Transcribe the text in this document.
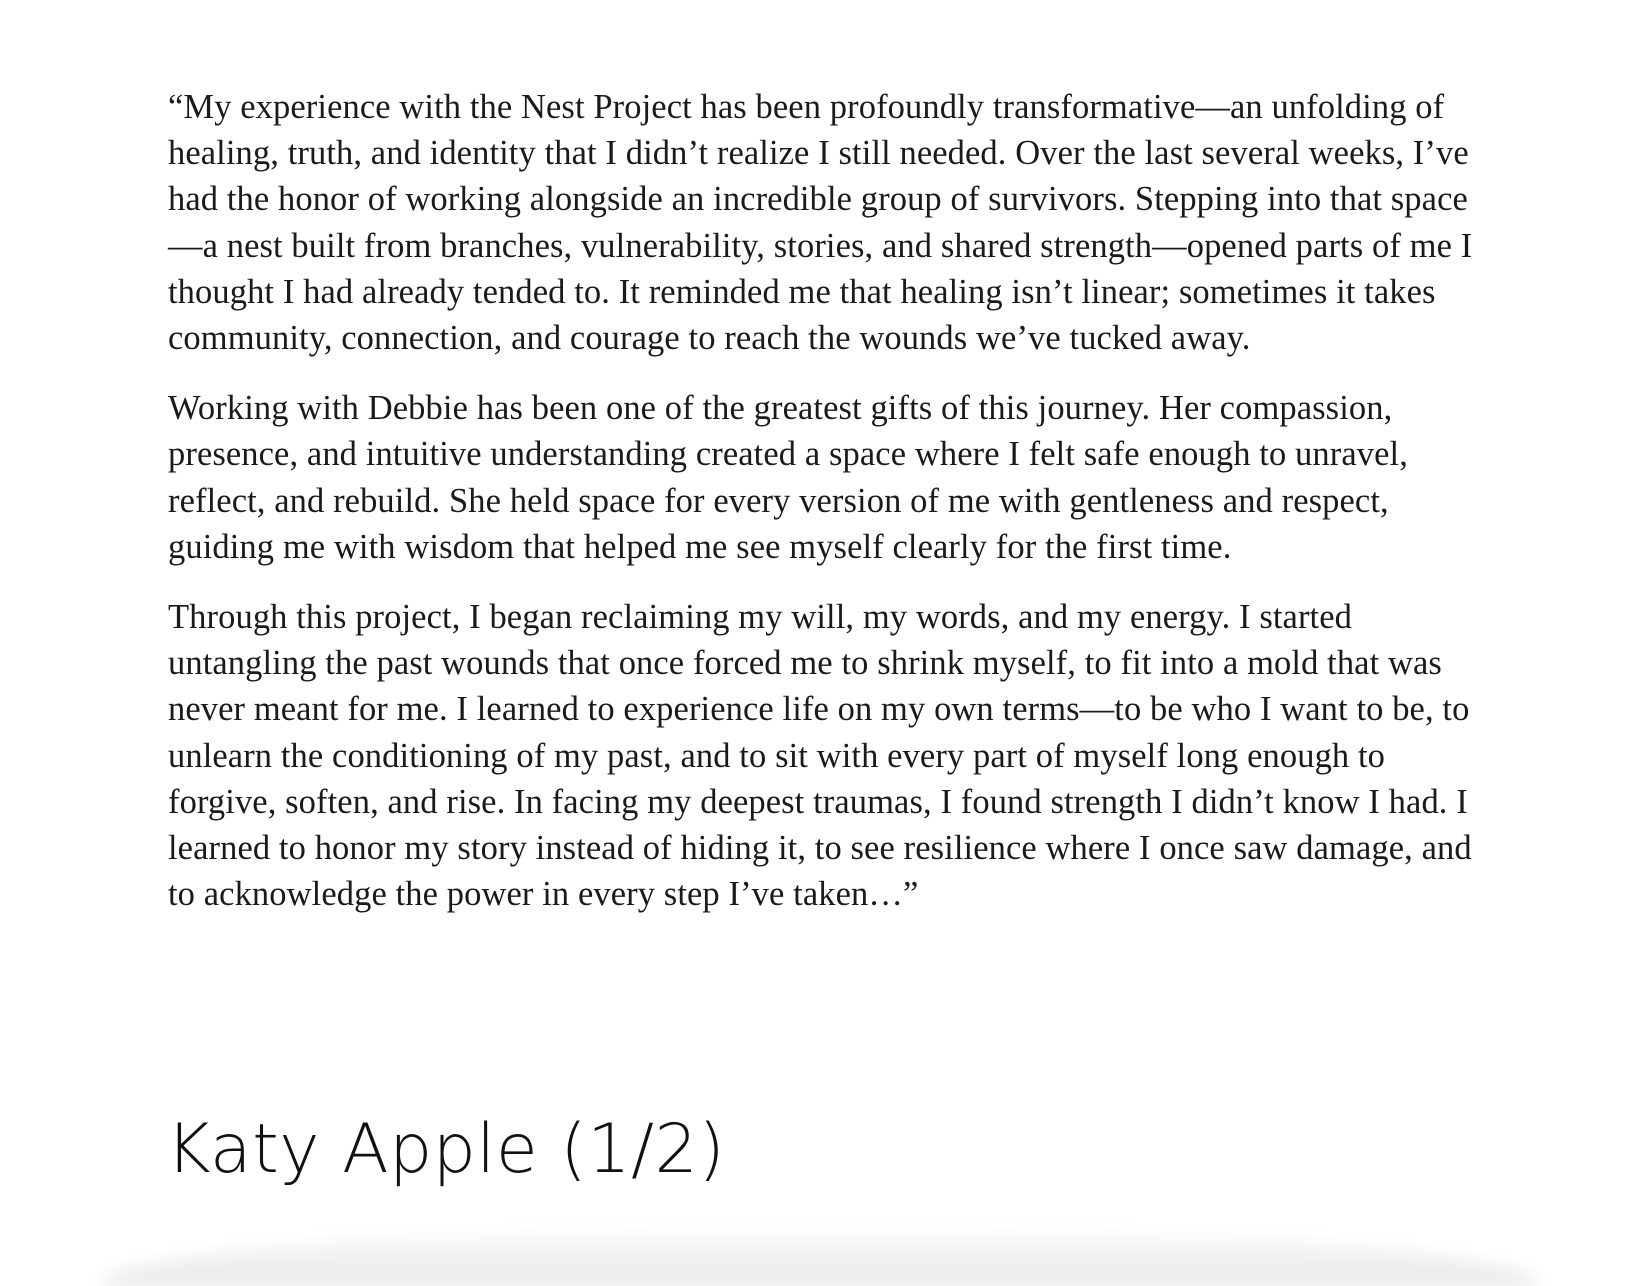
“My experience with the Nest Project has been profoundly transformative—an unfolding of healing, truth, and identity that I didn’t realize I still needed. Over the last several weeks, I’ve had the honor of working alongside an incredible group of survivors. Stepping into that space—a nest built from branches, vulnerability, stories, and shared strength—opened parts of me I thought I had already tended to. It reminded me that healing isn’t linear; sometimes it takes community, connection, and courage to reach the wounds we’ve tucked away.

Working with Debbie has been one of the greatest gifts of this journey. Her compassion, presence, and intuitive understanding created a space where I felt safe enough to unravel, reflect, and rebuild. She held space for every version of me with gentleness and respect, guiding me with wisdom that helped me see myself clearly for the first time.

Through this project, I began reclaiming my will, my words, and my energy. I started untangling the past wounds that once forced me to shrink myself, to fit into a mold that was never meant for me. I learned to experience life on my own terms—to be who I want to be, to unlearn the conditioning of my past, and to sit with every part of myself long enough to forgive, soften, and rise. In facing my deepest traumas, I found strength I didn’t know I had. I learned to honor my story instead of hiding it, to see resilience where I once saw damage, and to acknowledge the power in every step I’ve taken…”

Katy Apple (1/2)
